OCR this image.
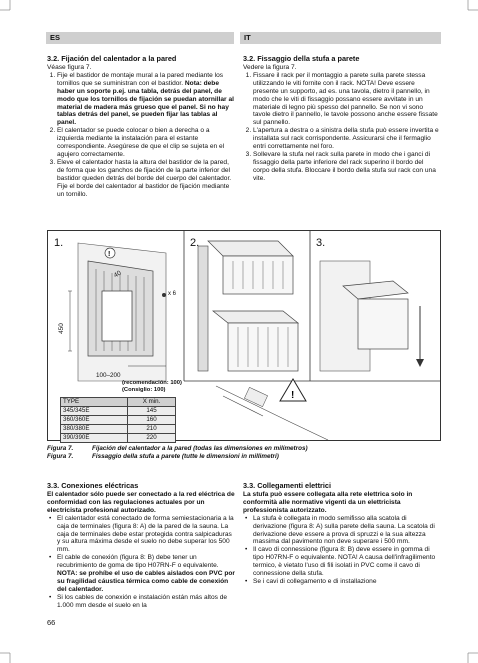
ES	IT
3.2. Fijación del calentador a la pared

Véase figura 7.

1. Fije el bastidor de montaje mural a la pared mediante los tornillos que se suministran con el bastidor. Nota: debe haber un soporte p.ej. una tabla, detrás del panel, de modo que los tornillos de fijación se puedan atornillar al material de madera más grueso que el panel. Si no hay tablas detrás del panel, se pueden fijar las tablas al panel.
2. El calentador se puede colocar o bien a derecha o a izquierda mediante la instalación para el estante correspondiente. Asegúrese de que el clip se sujeta en el agujero correctamente.
3. Eleve el calentador hasta la altura del bastidor de la pared, de forma que los ganchos de fijación de la parte inferior del bastidor queden detrás del borde del cuerpo del calentador. Fije el borde del calentador al bastidor de fijación mediante un tornillo.
3.2. Fissaggio della stufa a parete

Vedere la figura 7.

1. Fissare il rack per il montaggio a parete sulla parete stessa utilizzando le viti fornite con il rack. NOTA! Deve essere presente un supporto, ad es. una tavola, dietro il pannello, in modo che le viti di fissaggio possano essere avvitate in un materiale di legno più spesso del pannello. Se non vi sono tavole dietro il pannello, le tavole possono anche essere fissate sul pannello.
2. L'apertura a destra o a sinistra della stufa può essere invertita e installata sul rack corrispondente. Assicurarsi che il fermaglio entri correttamente nel foro.
3. Sollevare la stufa nel rack sulla parete in modo che i ganci di fissaggio della parte inferiore del rack superino il bordo del corpo della stufa. Bloccare il bordo della stufa sul rack con una vite.
!
!
1.	2.	3.
40
450
x 6
100–200
(recomendación: 100)
(Consiglio: 100)
TYPE	X min.
345/345E	145
360/360E	160
380/380E	210
390/390E	220
Figura 7.	Fijación del calentador a la pared (todas las dimensiones en milímetros)
Figura 7.	Fissaggio della stufa a parete (tutte le dimensioni in millimetri)
3.3. Conexiones eléctricas

El calentador sólo puede ser conectado a la red eléctrica de conformidad con las regulaciones actuales por un electricista profesional autorizado.

• El calentador está conectado de forma semiestacionaria a la caja de terminales (figura 8: A) de la pared de la sauna. La caja de terminales debe estar protegida contra salpicaduras y su altura máxima desde el suelo no debe superar los 500 mm.
• El cable de conexión (figura 8: B) debe tener un recubrimiento de goma de tipo H07RN-F o equivalente. NOTA: se prohíbe el uso de cables aislados con PVC por su fragilidad cáustica térmica como cable de conexión del calentador.
• Si los cables de conexión e instalación están más altos de 1.000 mm desde el suelo en la
3.3. Collegamenti elettrici

La stufa può essere collegata alla rete elettrica solo in conformità alle normative vigenti da un elettricista professionista autorizzato.

• La stufa è collegata in modo semifisso alla scatola di derivazione (figura 8: A) sulla parete della sauna. La scatola di derivazione deve essere a prova di spruzzi e la sua altezza massima dal pavimento non deve superare i 500 mm.
• Il cavo di connessione (figura 8: B) deve essere in gomma di tipo H07RN-F o equivalente. NOTA! A causa dell'infragilimento termico, è vietato l'uso di fili isolati in PVC come il cavo di connessione della stufa.
• Se i cavi di collegamento e di installazione
66
